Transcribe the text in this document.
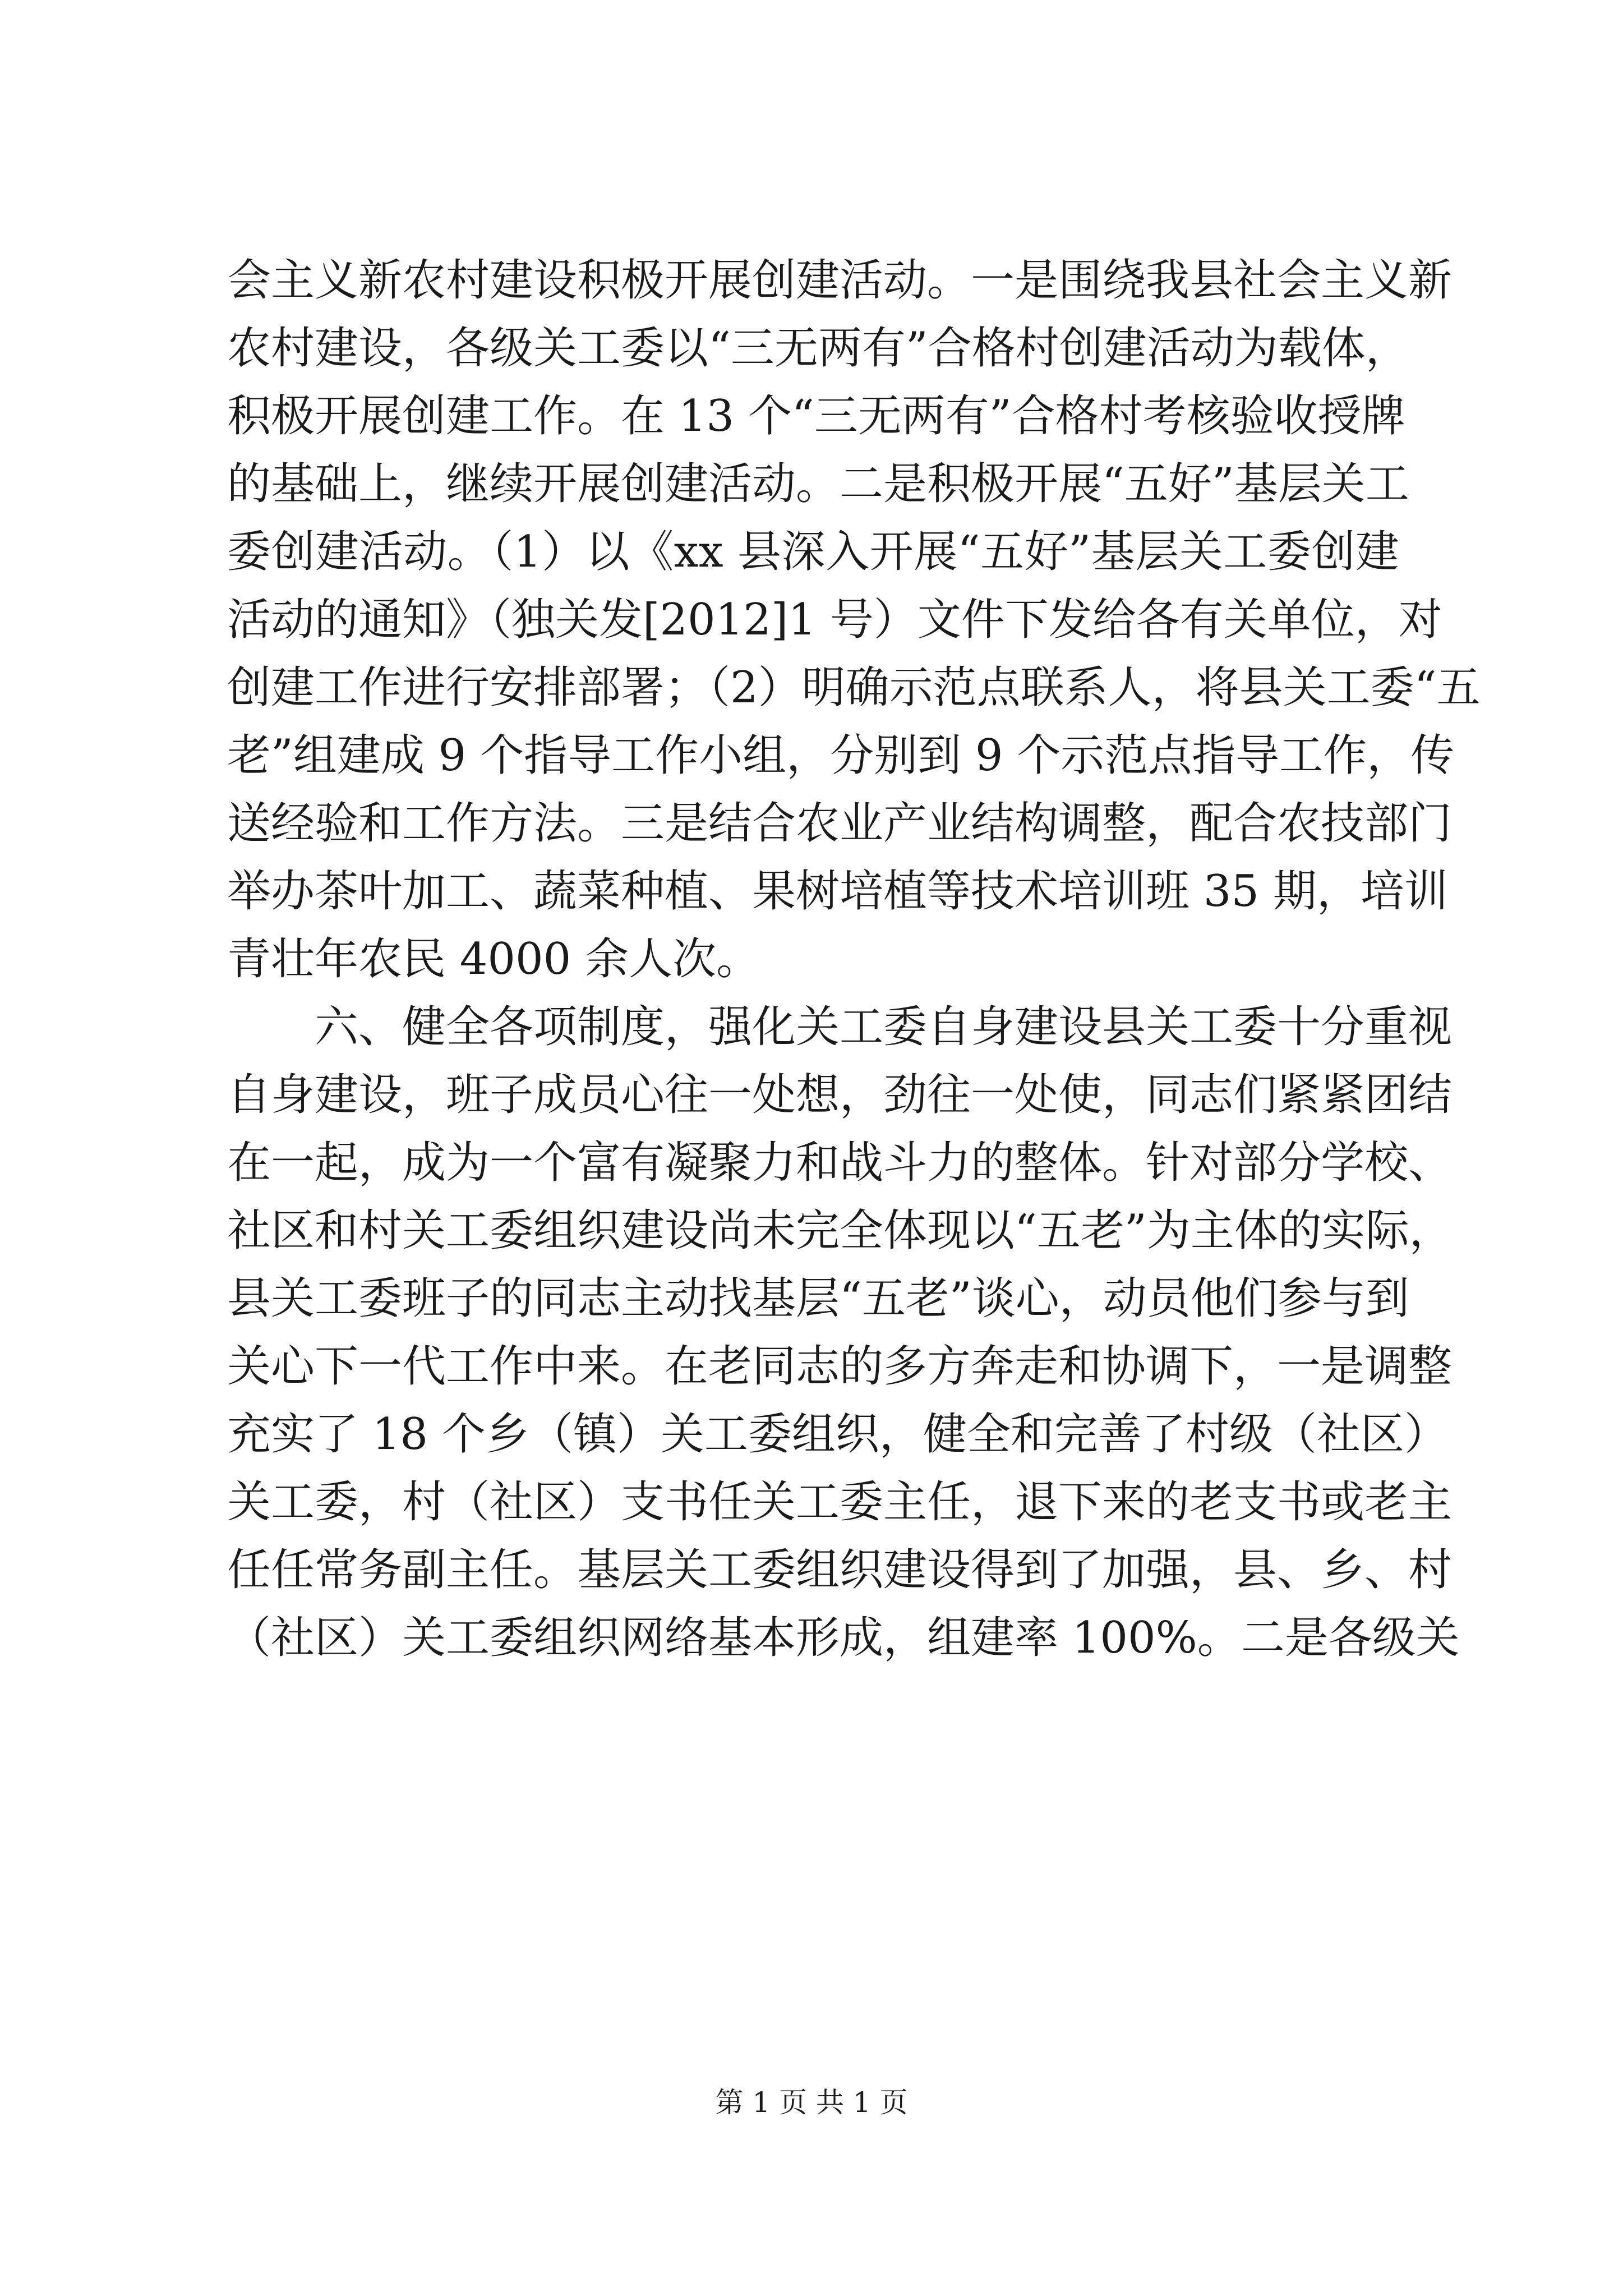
会主义新农村建设积极开展创建活动。一是围绕我县社会主义新
农村建设，各级关工委以“三无两有”合格村创建活动为载体，
积极开展创建工作。在 13 个“三无两有”合格村考核验收授牌
的基础上，继续开展创建活动。二是积极开展“五好”基层关工
委创建活动。（1）以《xx 县深入开展“五好”基层关工委创建
活动的通知》（独关发[2012]1 号）文件下发给各有关单位，对
创建工作进行安排部署；（2）明确示范点联系人，将县关工委“五
老”组建成 9 个指导工作小组，分别到 9 个示范点指导工作，传
送经验和工作方法。三是结合农业产业结构调整，配合农技部门
举办茶叶加工、蔬菜种植、果树培植等技术培训班 35 期，培训
青壮年农民 4000 余人次。
　　六、健全各项制度，强化关工委自身建设县关工委十分重视
自身建设，班子成员心往一处想，劲往一处使，同志们紧紧团结
在一起，成为一个富有凝聚力和战斗力的整体。针对部分学校、
社区和村关工委组织建设尚未完全体现以“五老”为主体的实际，
县关工委班子的同志主动找基层“五老”谈心，动员他们参与到
关心下一代工作中来。在老同志的多方奔走和协调下，一是调整
充实了 18 个乡（镇）关工委组织，健全和完善了村级（社区）
关工委，村（社区）支书任关工委主任，退下来的老支书或老主
任任常务副主任。基层关工委组织建设得到了加强，县、乡、村
（社区）关工委组织网络基本形成，组建率 100%。二是各级关
第 1 页 共 1 页
